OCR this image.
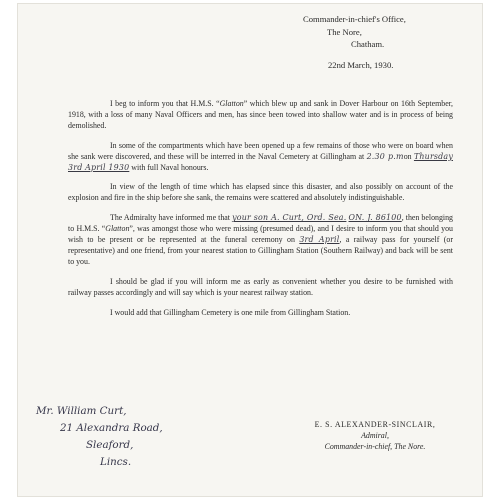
Commander-in-chief's Office,
The Nore,
Chatham.
22nd March, 1930.

I beg to inform you that H.M.S. “Glatton” which blew up and sank in Dover Harbour on 16th September, 1918, with a loss of many Naval Officers and men, has since been towed into shallow water and is in process of being demolished.

In some of the compartments which have been opened up a few remains of those who were on board when she sank were discovered, and these will be interred in the Naval Cemetery at Gillingham at 2.30 p.mon Thursday 3rd April 1930 with full Naval honours.

In view of the length of time which has elapsed since this disaster, and also possibly on account of the explosion and fire in the ship before she sank, the remains were scattered and absolutely indistinguishable.

The Admiralty have informed me that your son A. Curt, Ord. Sea. ON. J. 86100, then belonging to H.M.S. “Glatton”, was amongst those who were missing (presumed dead), and I desire to inform you that should you wish to be present or be represented at the funeral ceremony on 3rd April, a railway pass for yourself (or representative) and one friend, from your nearest station to Gillingham Station (Southern Railway) and back will be sent to you.

I should be glad if you will inform me as early as convenient whether you desire to be furnished with railway passes accordingly and will say which is your nearest railway station.

I would add that Gillingham Cemetery is one mile from Gillingham Station.

Mr. William Curt,
21 Alexandra Road,
Sleaford,
Lincs.
E. S. ALEXANDER-SINCLAIR,
Admiral,
Commander-in-chief, The Nore.
